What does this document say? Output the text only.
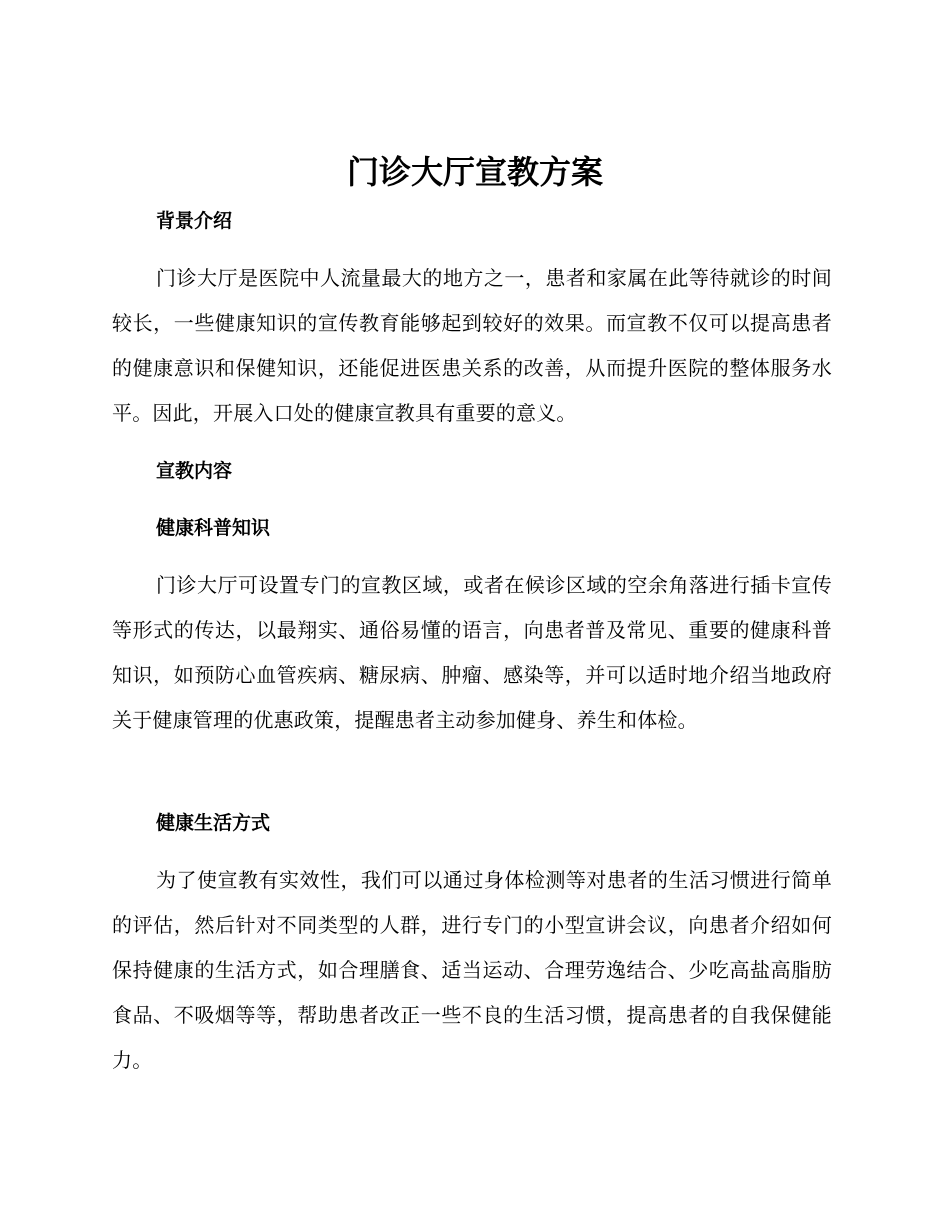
门诊大厅宣教方案
背景介绍

门诊大厅是医院中人流量最大的地方之一，患者和家属在此等待就诊的时间较长，一些健康知识的宣传教育能够起到较好的效果。而宣教不仅可以提高患者的健康意识和保健知识，还能促进医患关系的改善，从而提升医院的整体服务水平。因此，开展入口处的健康宣教具有重要的意义。

宣教内容
健康科普知识

门诊大厅可设置专门的宣教区域，或者在候诊区域的空余角落进行插卡宣传等形式的传达，以最翔实、通俗易懂的语言，向患者普及常见、重要的健康科普知识，如预防心血管疾病、糖尿病、肿瘤、感染等，并可以适时地介绍当地政府关于健康管理的优惠政策，提醒患者主动参加健身、养生和体检。

健康生活方式

为了使宣教有实效性，我们可以通过身体检测等对患者的生活习惯进行简单的评估，然后针对不同类型的人群，进行专门的小型宣讲会议，向患者介绍如何保持健康的生活方式，如合理膳食、适当运动、合理劳逸结合、少吃高盐高脂肪食品、不吸烟等等，帮助患者改正一些不良的生活习惯，提高患者的自我保健能力。
